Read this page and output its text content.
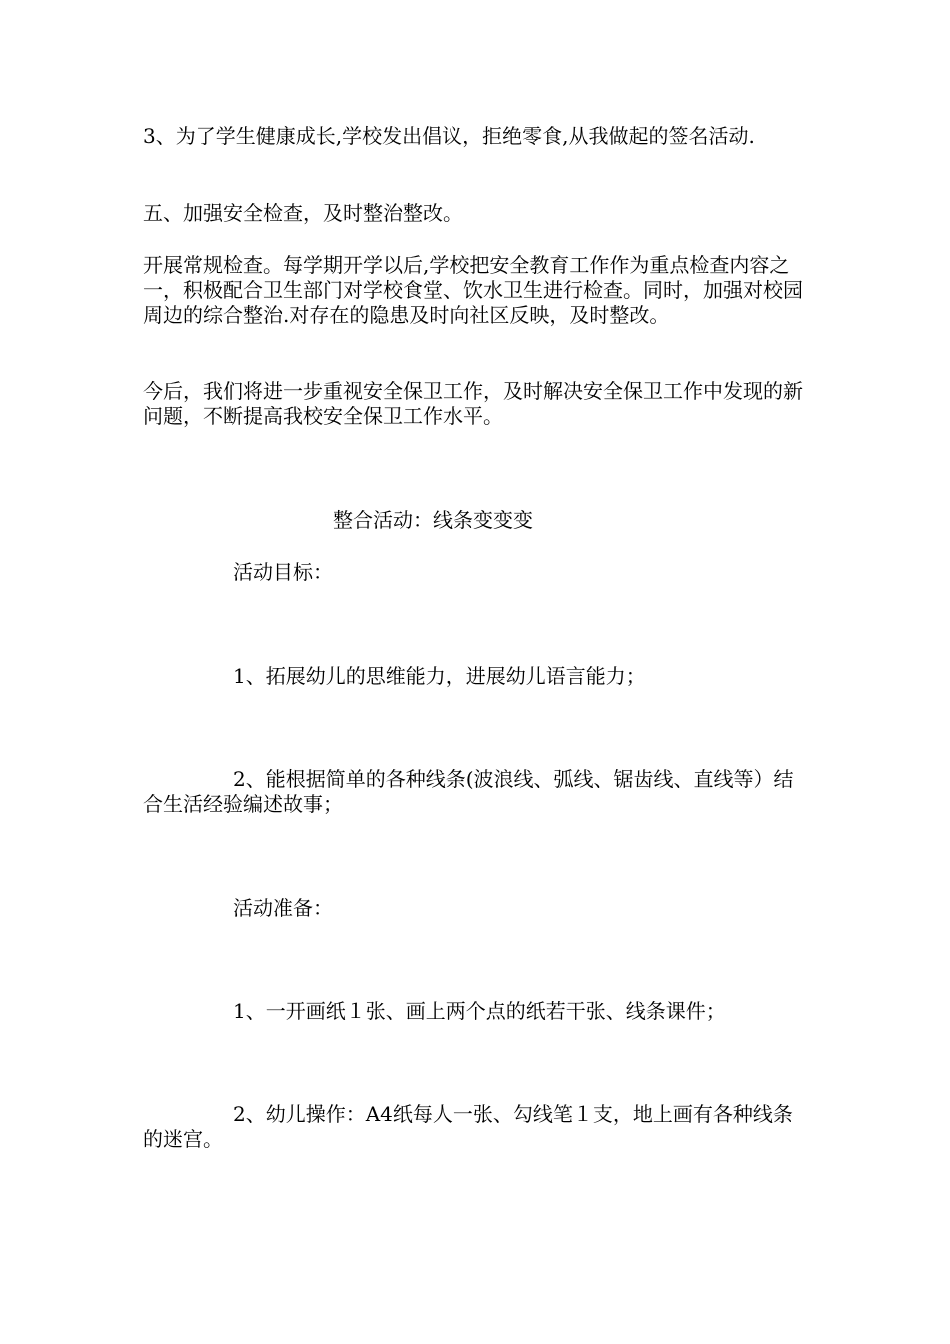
3、为了学生健康成长,学校发出倡议，拒绝零食,从我做起的签名活动.

五、加强安全检查，及时整治整改。

开展常规检查。每学期开学以后,学校把安全教育工作作为重点检查内容之一，积极配合卫生部门对学校食堂、饮水卫生进行检查。同时，加强对校园周边的综合整治.对存在的隐患及时向社区反映，及时整改。

今后，我们将进一步重视安全保卫工作，及时解决安全保卫工作中发现的新问题，不断提高我校安全保卫工作水平。

整合活动：线条变变变

活动目标：

1、拓展幼儿的思维能力，进展幼儿语言能力；

2、能根据简单的各种线条(波浪线、弧线、锯齿线、直线等）结合生活经验编述故事；

活动准备：

1、一开画纸１张、画上两个点的纸若干张、线条课件；

2、幼儿操作：A4纸每人一张、勾线笔１支，地上画有各种线条的迷宫。
